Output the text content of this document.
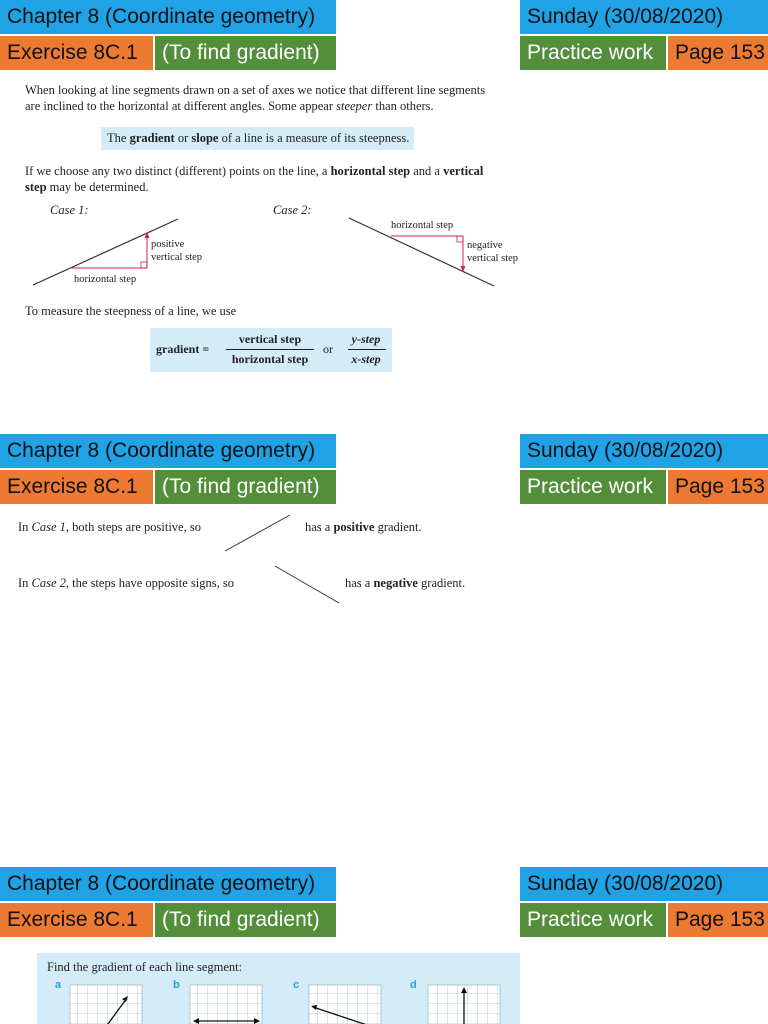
Chapter 8 (Coordinate geometry)	Sunday (30/08/2020)
Exercise 8C.1	(To find gradient)	Practice work	Page 153
When looking at line segments drawn on a set of axes we notice that different line segments
are inclined to the horizontal at different angles. Some appear steeper than others.
The gradient or slope of a line is a measure of its steepness.
If we choose any two distinct (different) points on the line, a horizontal step and a vertical
step may be determined.
Case 1:	Case 2:
positive
vertical step
horizontal step
horizontal step
negative
vertical step
To measure the steepness of a line, we use
gradient =
vertical step
horizontal step
or
y-step
x-step
Chapter 8 (Coordinate geometry)	Sunday (30/08/2020)
Exercise 8C.1	(To find gradient)	Practice work	Page 153
In Case 1, both steps are positive, so	has a positive gradient.
In Case 2, the steps have opposite signs, so	has a negative gradient.
Chapter 8 (Coordinate geometry)	Sunday (30/08/2020)
Exercise 8C.1	(To find gradient)	Practice work	Page 153
Find the gradient of each line segment:
a	b	c	d
